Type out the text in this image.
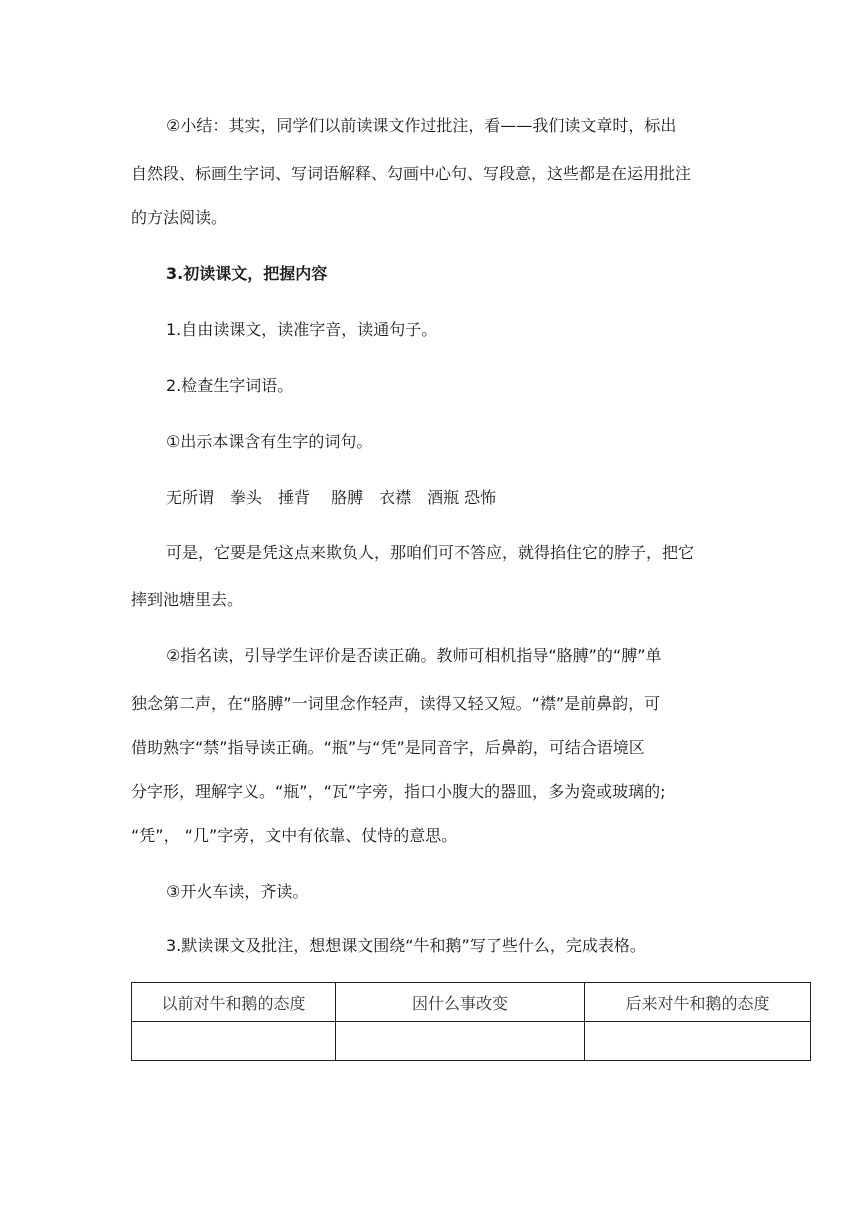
②小结：其实，同学们以前读课文作过批注，看——我们读文章时，标出
自然段、标画生字词、写词语解释、勾画中心句、写段意，这些都是在运用批注
的方法阅读。
3.初读课文，把握内容
1.自由读课文，读准字音，读通句子。
2.检查生字词语。
①出示本课含有生字的词句。
无所谓　拳头　捶背　 胳膊　衣襟　酒瓶 恐怖
可是，它要是凭这点来欺负人，那咱们可不答应，就得掐住它的脖子，把它
摔到池塘里去。
②指名读，引导学生评价是否读正确。教师可相机指导“胳膊”的“膊”单
独念第二声，在“胳膊”一词里念作轻声，读得又轻又短。“襟”是前鼻韵，可
借助熟字“禁”指导读正确。“瓶”与“凭”是同音字，后鼻韵，可结合语境区
分字形，理解字义。“瓶”，“瓦”字旁，指口小腹大的器皿，多为瓷或玻璃的;
“凭”， “几”字旁，文中有依靠、仗恃的意思。
③开火车读，齐读。
3.默读课文及批注，想想课文围绕“牛和鹅”写了些什么，完成表格。
以前对牛和鹅的态度	因什么事改变	后来对牛和鹅的态度
